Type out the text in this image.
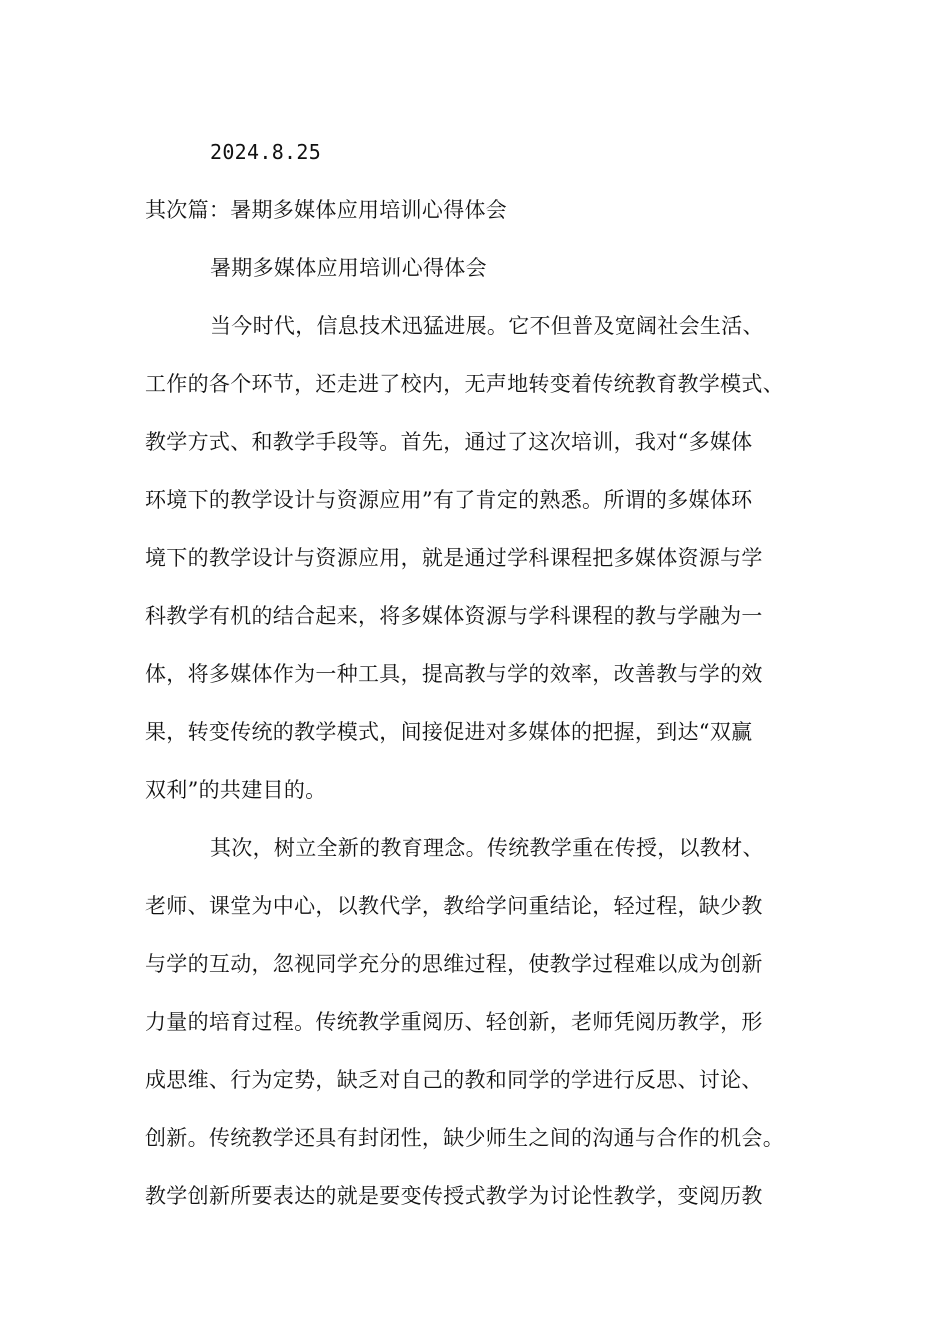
2024.8.25
其次篇：暑期多媒体应用培训心得体会
暑期多媒体应用培训心得体会
当今时代，信息技术迅猛进展。它不但普及宽阔社会生活、
工作的各个环节，还走进了校内，无声地转变着传统教育教学模式、
教学方式、和教学手段等。首先，通过了这次培训，我对“多媒体
环境下的教学设计与资源应用”有了肯定的熟悉。所谓的多媒体环
境下的教学设计与资源应用，就是通过学科课程把多媒体资源与学
科教学有机的结合起来，将多媒体资源与学科课程的教与学融为一
体，将多媒体作为一种工具，提高教与学的效率，改善教与学的效
果，转变传统的教学模式，间接促进对多媒体的把握，到达“双赢
双利”的共建目的。
其次，树立全新的教育理念。传统教学重在传授，以教材、
老师、课堂为中心，以教代学，教给学问重结论，轻过程，缺少教
与学的互动，忽视同学充分的思维过程，使教学过程难以成为创新
力量的培育过程。传统教学重阅历、轻创新，老师凭阅历教学，形
成思维、行为定势，缺乏对自己的教和同学的学进行反思、讨论、
创新。传统教学还具有封闭性，缺少师生之间的沟通与合作的机会。
教学创新所要表达的就是要变传授式教学为讨论性教学，变阅历教
